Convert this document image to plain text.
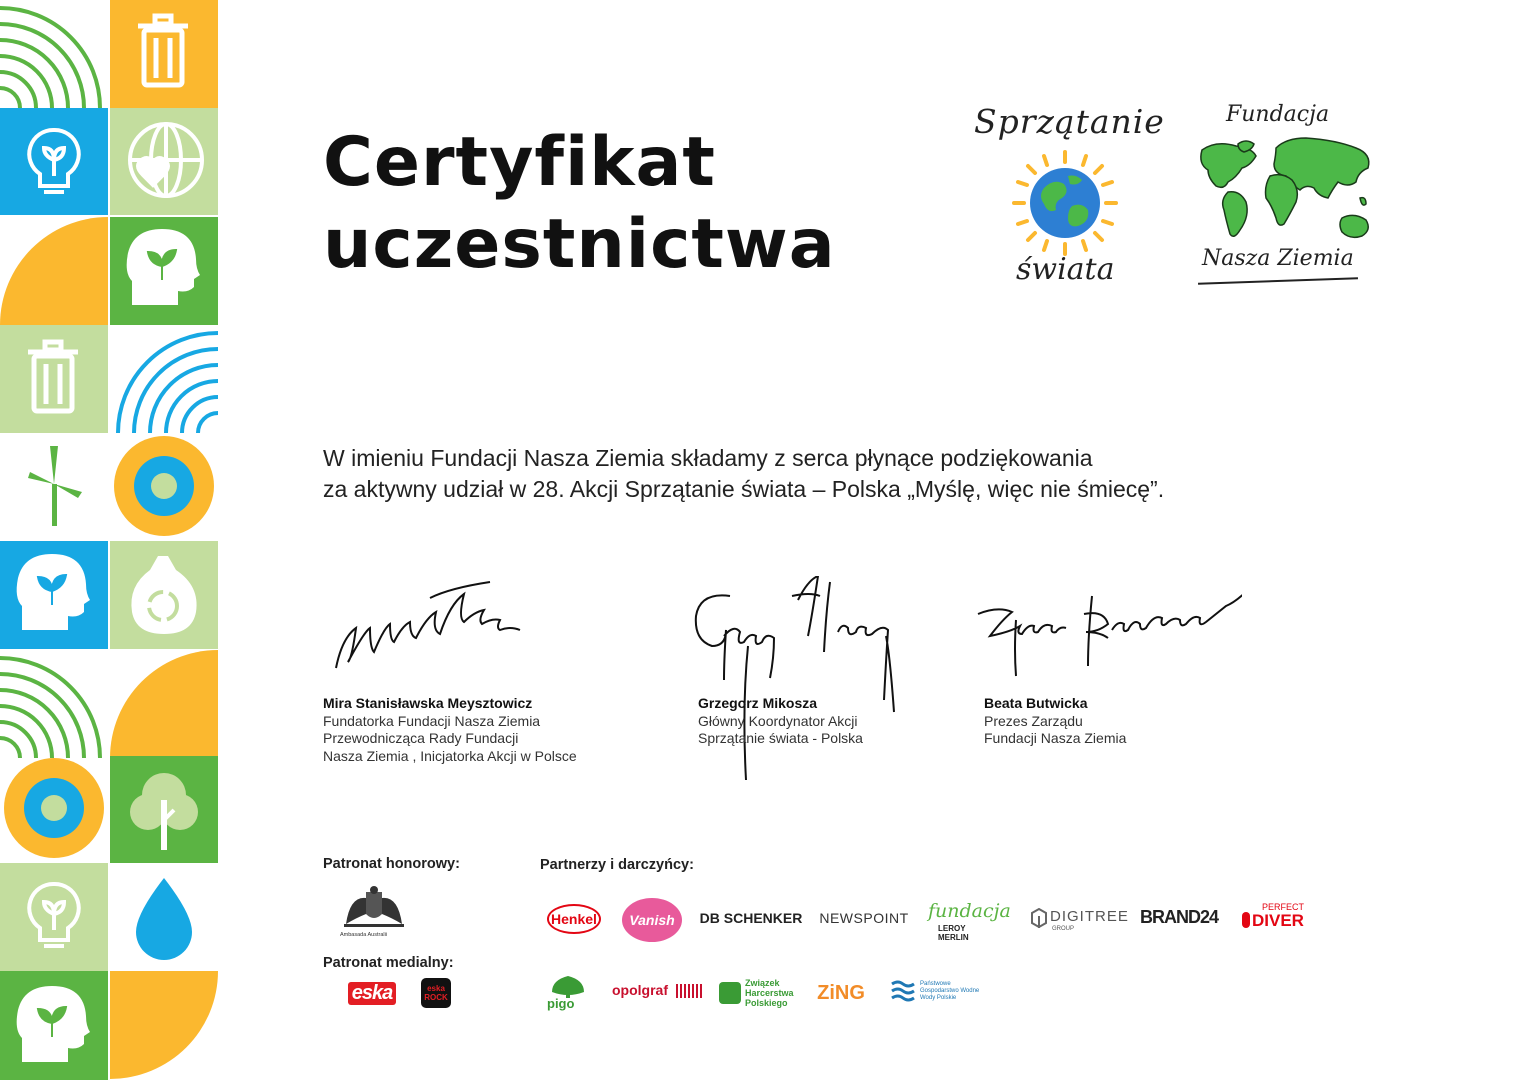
Certyfikat
uczestnictwa
Sprzątanie
świata
Fundacja
Nasza Ziemia

W imieniu Fundacji Nasza Ziemia składamy z serca płynące podziękowania
za aktywny udział w 28. Akcji Sprzątanie świata – Polska „Myślę, więc nie śmiecę”.

Mira Stanisławska Meysztowicz
Fundatorka Fundacji Nasza Ziemia
Przewodnicząca Rady Fundacji
Nasza Ziemia , Inicjatorka Akcji w Polsce
Grzegorz Mikosza
Główny Koordynator Akcji
Sprzątanie świata - Polska
Beata Butwicka
Prezes Zarządu
Fundacji Nasza Ziemia
Patronat honorowy:
Patronat medialny:
Partnerzy i darczyńcy:
Ambasada Australii
eska	eska ROCK
Henkel Vanish DB SCHENKER NEWSPOINT fundacja
LEROY MERLIN
DIGITREE
GROUP
BRAND24	PERFECT
DIVER
pigo
opolgraf	Związek Harcerstwa Polskiego	ZiNG	Państwowe Gospodarstwo Wodne Wody Polskie
